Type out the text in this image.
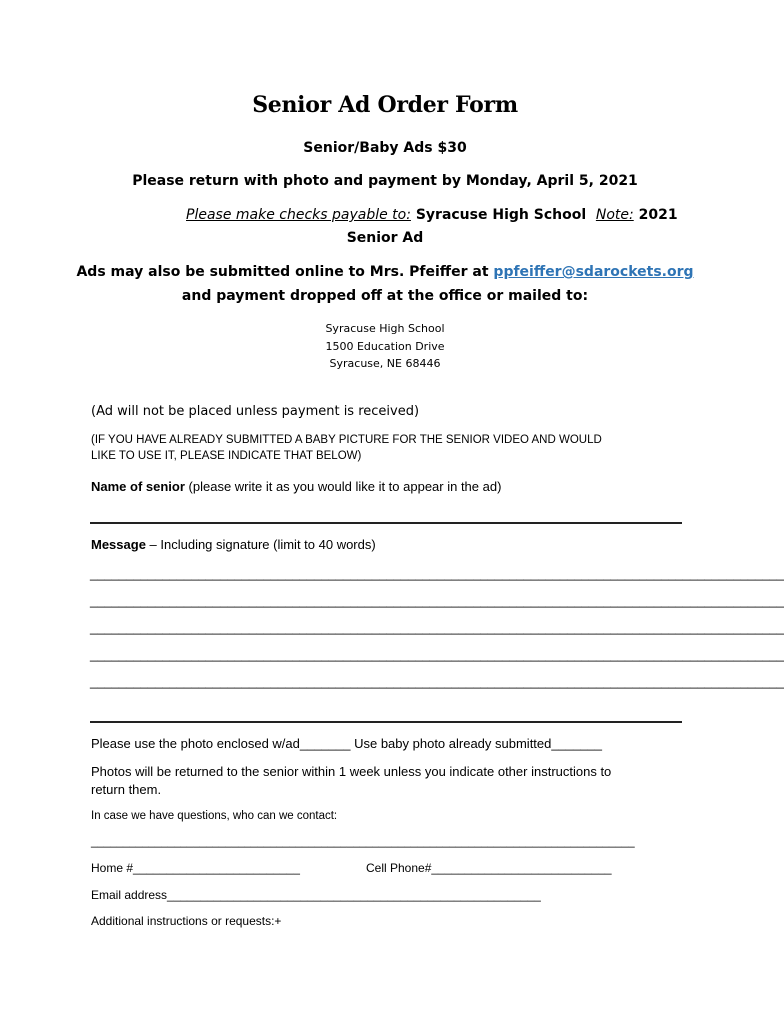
Senior Ad Order Form
Senior/Baby Ads $30
Please return with photo and payment by Monday, April 5, 2021
Please make checks payable to: Syracuse High School  Note: 2021
Senior Ad
Ads may also be submitted online to Mrs. Pfeiffer at ppfeiffer@sdarockets.org
and payment dropped off at the office or mailed to:
Syracuse High School
1500 Education Drive
Syracuse, NE 68446
(Ad will not be placed unless payment is received)
(IF YOU HAVE ALREADY SUBMITTED A BABY PICTURE FOR THE SENIOR VIDEO AND WOULD
LIKE TO USE IT, PLEASE INDICATE THAT BELOW)
Name of senior (please write it as you would like it to appear in the ad)
Message – Including signature (limit to 40 words)
________________________________________________________________________________________________
________________________________________________________________________________________________
________________________________________________________________________________________________
________________________________________________________________________________________________
________________________________________________________________________________________________
Please use the photo enclosed w/ad_______ Use baby photo already submitted_______
Photos will be returned to the senior within 1 week unless you indicate other instructions to
return them.
In case we have questions, who can we contact:
_____________________________________________________________________________________
Home #_________________________	Cell Phone#___________________________
Email address________________________________________________________
Additional instructions or requests:+
